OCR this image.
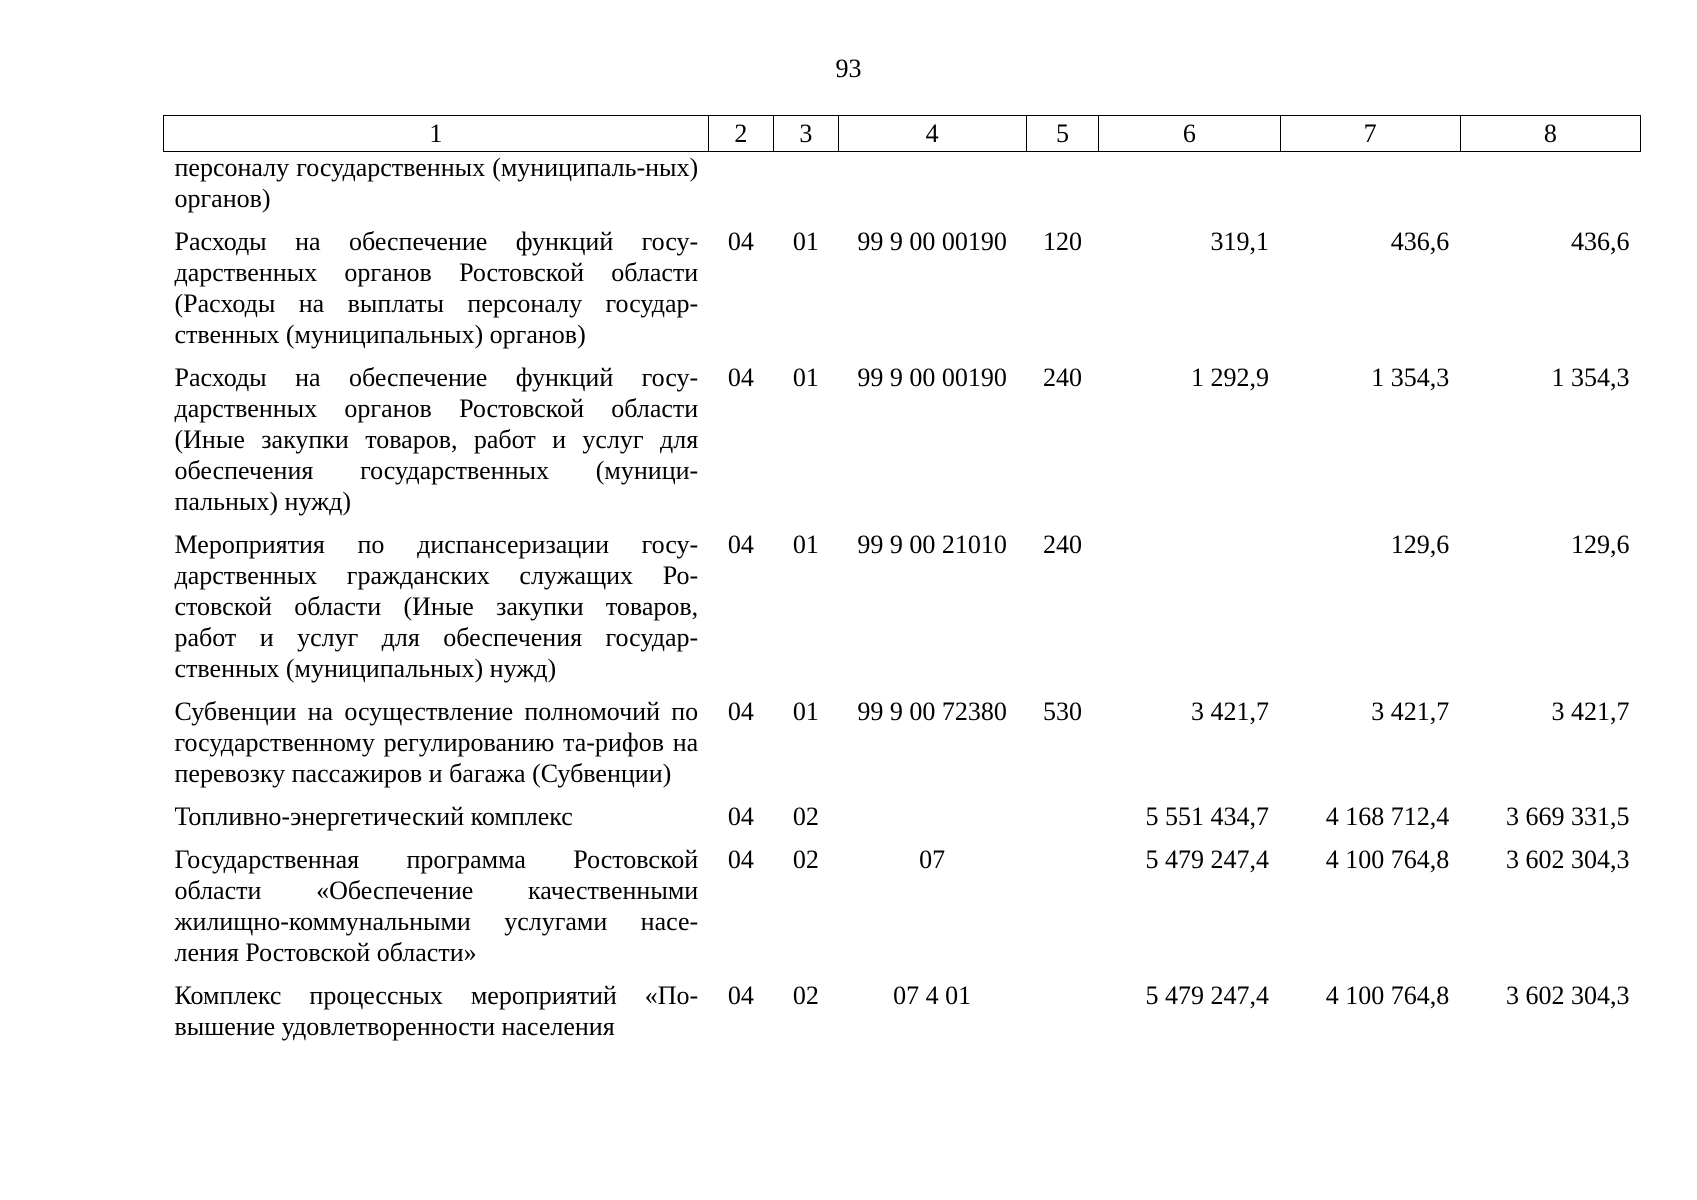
93
1	2	3	4	5	6	7	8
персоналу государственных (муниципаль-ных) органов)							
Расходы на обеспечение функций госу-дарственных органов Ростовской области (Расходы на выплаты персоналу государ-ственных (муниципальных) органов)	04	01	99 9 00 00190	120	319,1	436,6	436,6
Расходы на обеспечение функций госу-дарственных органов Ростовской области (Иные закупки товаров, работ и услуг для обеспечения государственных (муници-пальных) нужд)	04	01	99 9 00 00190	240	1 292,9	1 354,3	1 354,3
Мероприятия по диспансеризации госу-дарственных гражданских служащих Ро-стовской области (Иные закупки товаров, работ и услуг для обеспечения государ-ственных (муниципальных) нужд)	04	01	99 9 00 21010	240		129,6	129,6
Субвенции на осуществление полномочий по государственному регулированию та-рифов на перевозку пассажиров и багажа (Субвенции)	04	01	99 9 00 72380	530	3 421,7	3 421,7	3 421,7
Топливно-энергетический комплекс	04	02			5 551 434,7	4 168 712,4	3 669 331,5
Государственная программа Ростовской области «Обеспечение качественными жилищно-коммунальными услугами насе-ления Ростовской области»	04	02	07		5 479 247,4	4 100 764,8	3 602 304,3
Комплекс процессных мероприятий «По-вышение удовлетворенности населения	04	02	07 4 01		5 479 247,4	4 100 764,8	3 602 304,3
